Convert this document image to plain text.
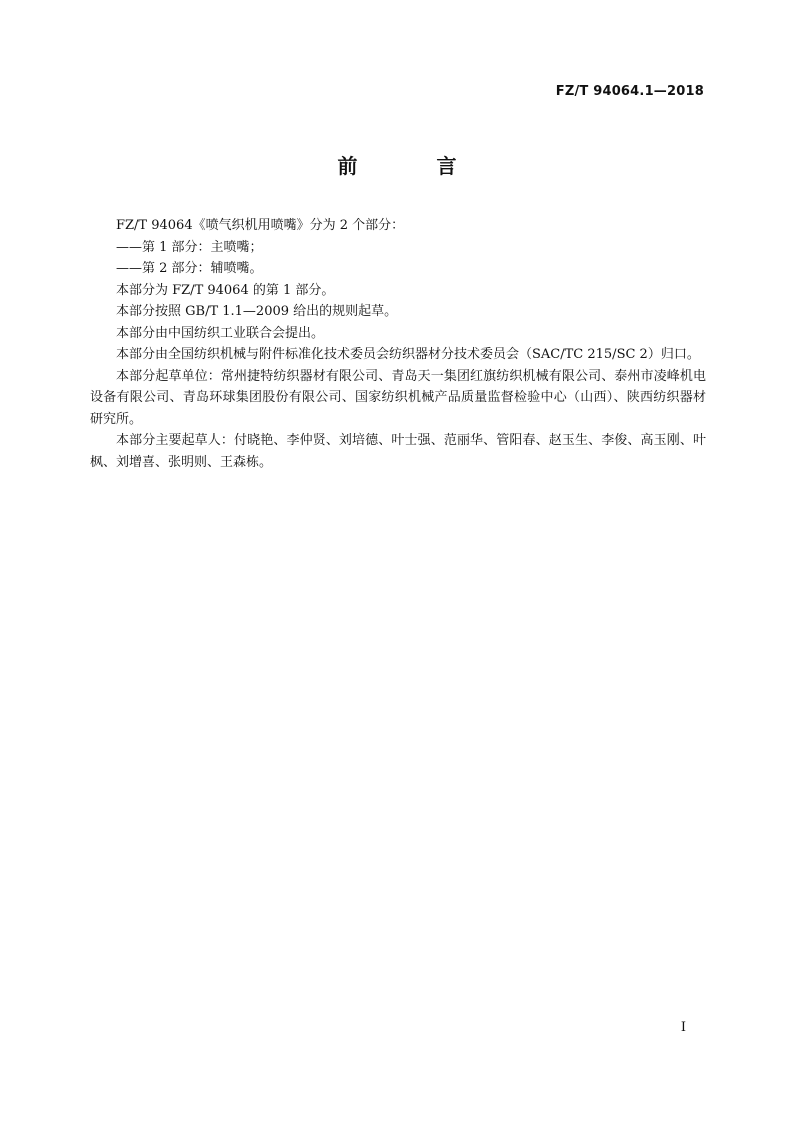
FZ/T 94064.1—2018
前 言

FZ/T 94064《喷气织机用喷嘴》分为 2 个部分：

——第 1 部分：主喷嘴；

——第 2 部分：辅喷嘴。

本部分为 FZ/T 94064 的第 1 部分。

本部分按照 GB/T 1.1—2009 给出的规则起草。

本部分由中国纺织工业联合会提出。

本部分由全国纺织机械与附件标准化技术委员会纺织器材分技术委员会（SAC/TC 215/SC 2）归口。

本部分起草单位：常州捷特纺织器材有限公司、青岛天一集团红旗纺织机械有限公司、泰州市凌峰机电设备有限公司、青岛环球集团股份有限公司、国家纺织机械产品质量监督检验中心（山西）、陕西纺织器材研究所。

本部分主要起草人：付晓艳、李仲贤、刘培德、叶士强、范丽华、管阳春、赵玉生、李俊、高玉刚、叶枫、刘增喜、张明则、王森栋。

I
